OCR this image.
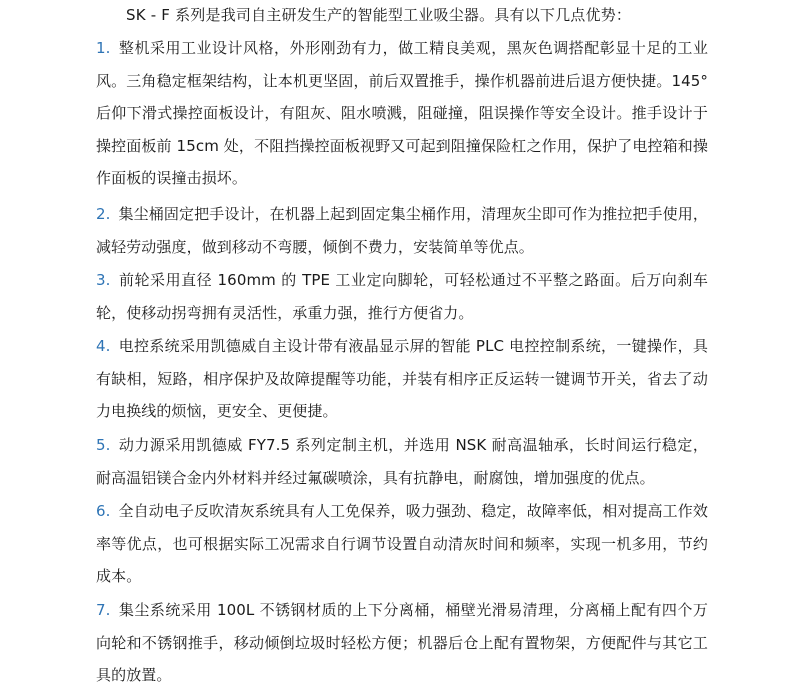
SK - F 系列是我司自主研发生产的智能型工业吸尘器。具有以下几点优势：
1. 整机采用工业设计风格，外形刚劲有力，做工精良美观，黑灰色调搭配彰显十足的工业风。三角稳定框架结构，让本机更坚固，前后双置推手，操作机器前进后退方便快捷。145°后仰下滑式操控面板设计，有阻灰、阻水喷溅，阻碰撞，阻误操作等安全设计。推手设计于操控面板前 15cm 处，不阻挡操控面板视野又可起到阻撞保险杠之作用，保护了电控箱和操作面板的误撞击损坏。
2. 集尘桶固定把手设计，在机器上起到固定集尘桶作用，清理灰尘即可作为推拉把手使用，减轻劳动强度，做到移动不弯腰，倾倒不费力，安装简单等优点。
3. 前轮采用直径 160mm 的 TPE 工业定向脚轮，可轻松通过不平整之路面。后万向刹车轮，使移动拐弯拥有灵活性，承重力强，推行方便省力。
4. 电控系统采用凯德威自主设计带有液晶显示屏的智能 PLC 电控控制系统，一键操作，具有缺相，短路，相序保护及故障提醒等功能，并装有相序正反运转一键调节开关，省去了动力电换线的烦恼，更安全、更便捷。
5. 动力源采用凯德威 FY7.5 系列定制主机，并选用 NSK 耐高温轴承，长时间运行稳定，耐高温铝镁合金内外材料并经过氟碳喷涂，具有抗静电，耐腐蚀，增加强度的优点。
6. 全自动电子反吹清灰系统具有人工免保养，吸力强劲、稳定，故障率低，相对提高工作效率等优点，也可根据实际工况需求自行调节设置自动清灰时间和频率，实现一机多用，节约成本。
7. 集尘系统采用 100L 不锈钢材质的上下分离桶，桶壁光滑易清理，分离桶上配有四个万向轮和不锈钢推手，移动倾倒垃圾时轻松方便；机器后仓上配有置物架，方便配件与其它工具的放置。
